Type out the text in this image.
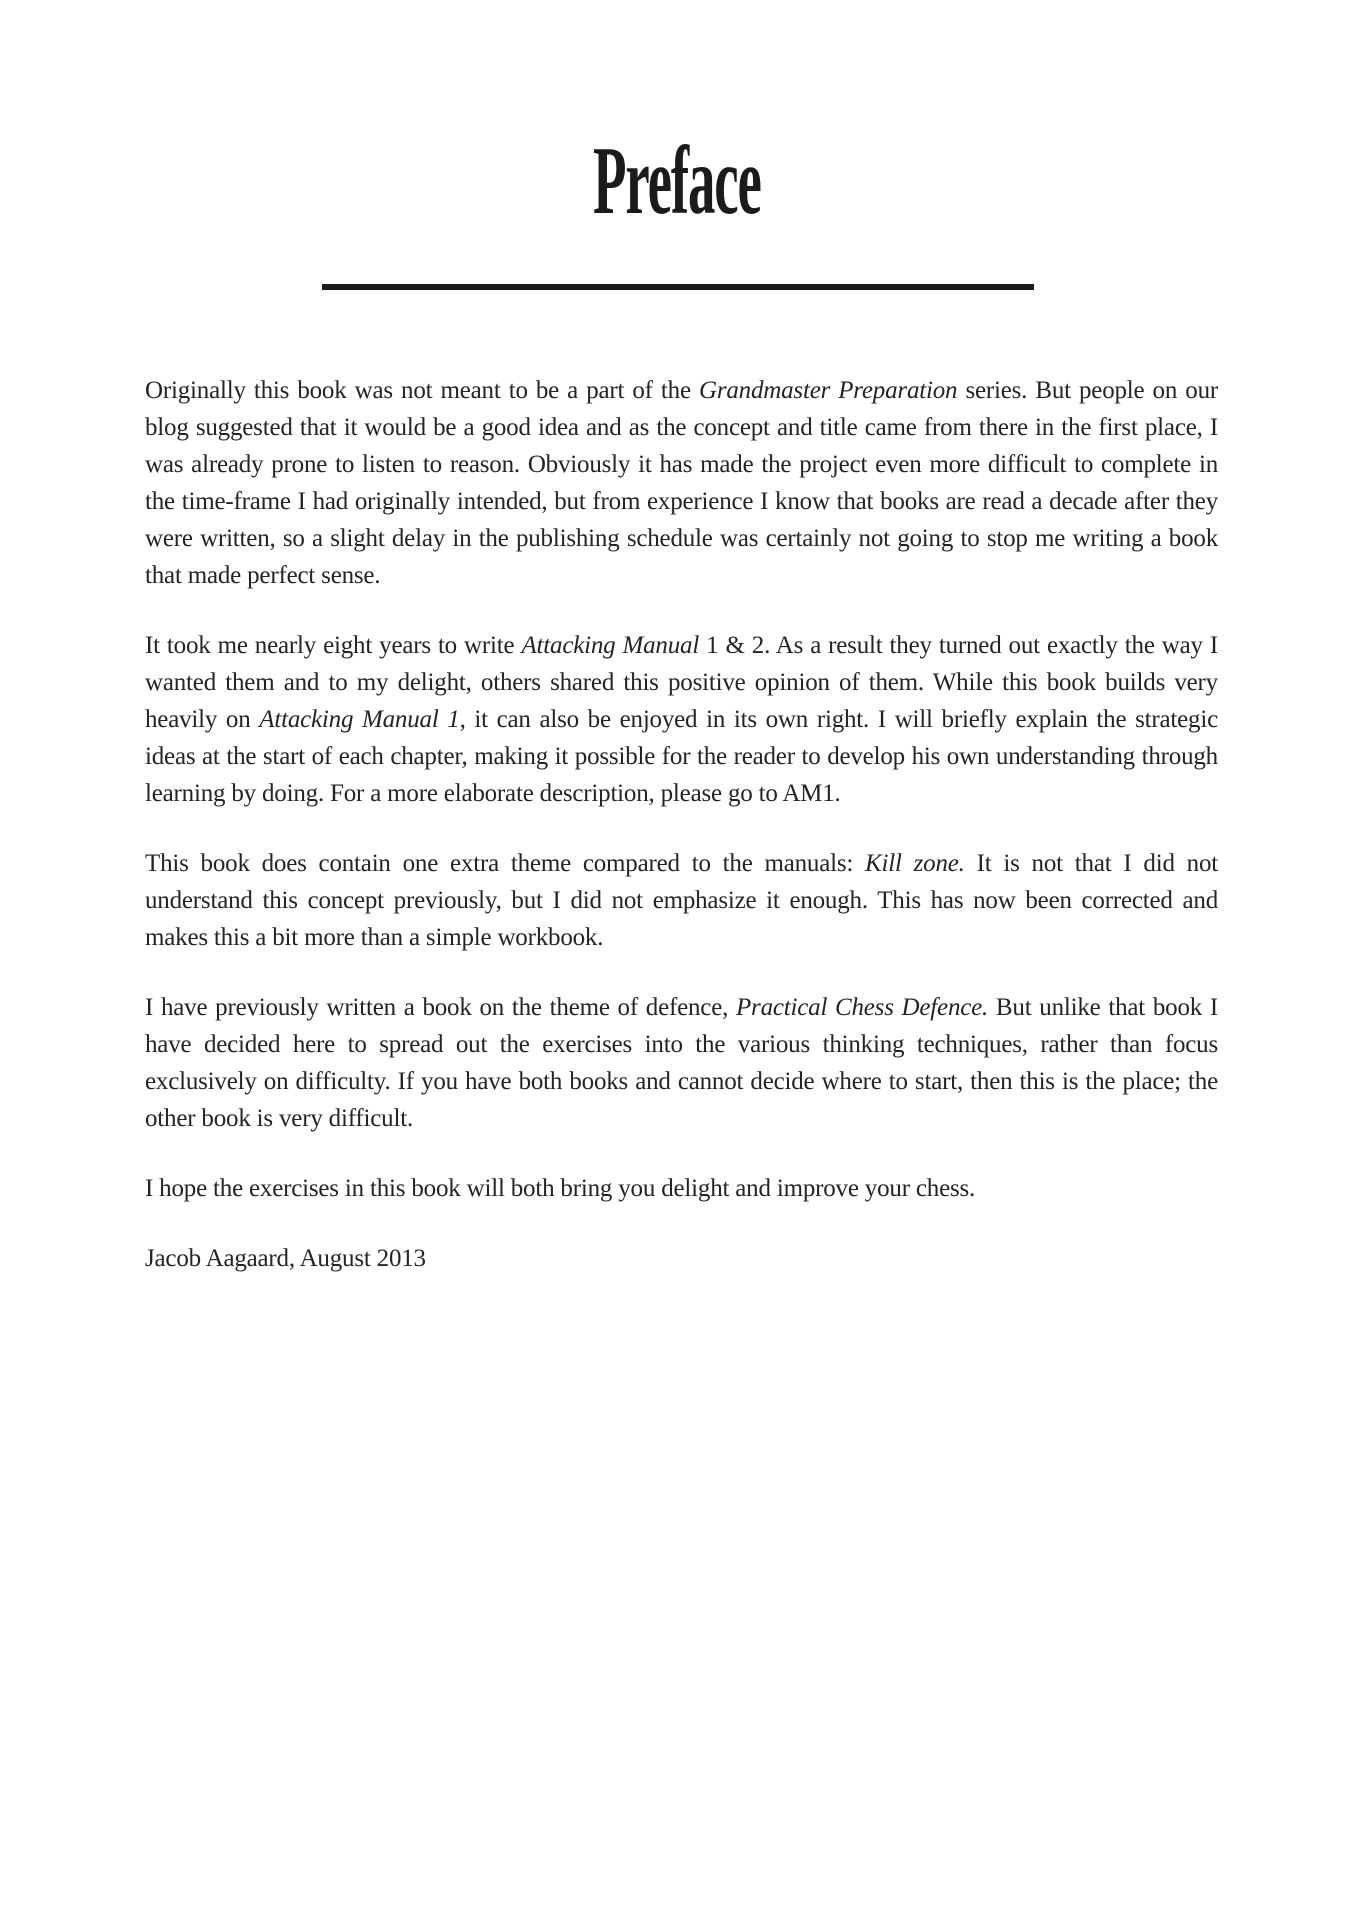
Preface

Originally this book was not meant to be a part of the Grandmaster Preparation series. But people on our blog suggested that it would be a good idea and as the concept and title came from there in the first place, I was already prone to listen to reason. Obviously it has made the project even more difficult to complete in the time-frame I had originally intended, but from experience I know that books are read a decade after they were written, so a slight delay in the publishing schedule was certainly not going to stop me writing a book that made perfect sense.

It took me nearly eight years to write Attacking Manual 1 & 2. As a result they turned out exactly the way I wanted them and to my delight, others shared this positive opinion of them. While this book builds very heavily on Attacking Manual 1, it can also be enjoyed in its own right. I will briefly explain the strategic ideas at the start of each chapter, making it possible for the reader to develop his own understanding through learning by doing. For a more elaborate description, please go to AM1.

This book does contain one extra theme compared to the manuals: Kill zone. It is not that I did not understand this concept previously, but I did not emphasize it enough. This has now been corrected and makes this a bit more than a simple workbook.

I have previously written a book on the theme of defence, Practical Chess Defence. But unlike that book I have decided here to spread out the exercises into the various thinking techniques, rather than focus exclusively on difficulty. If you have both books and cannot decide where to start, then this is the place; the other book is very difficult.

I hope the exercises in this book will both bring you delight and improve your chess.

Jacob Aagaard, August 2013
